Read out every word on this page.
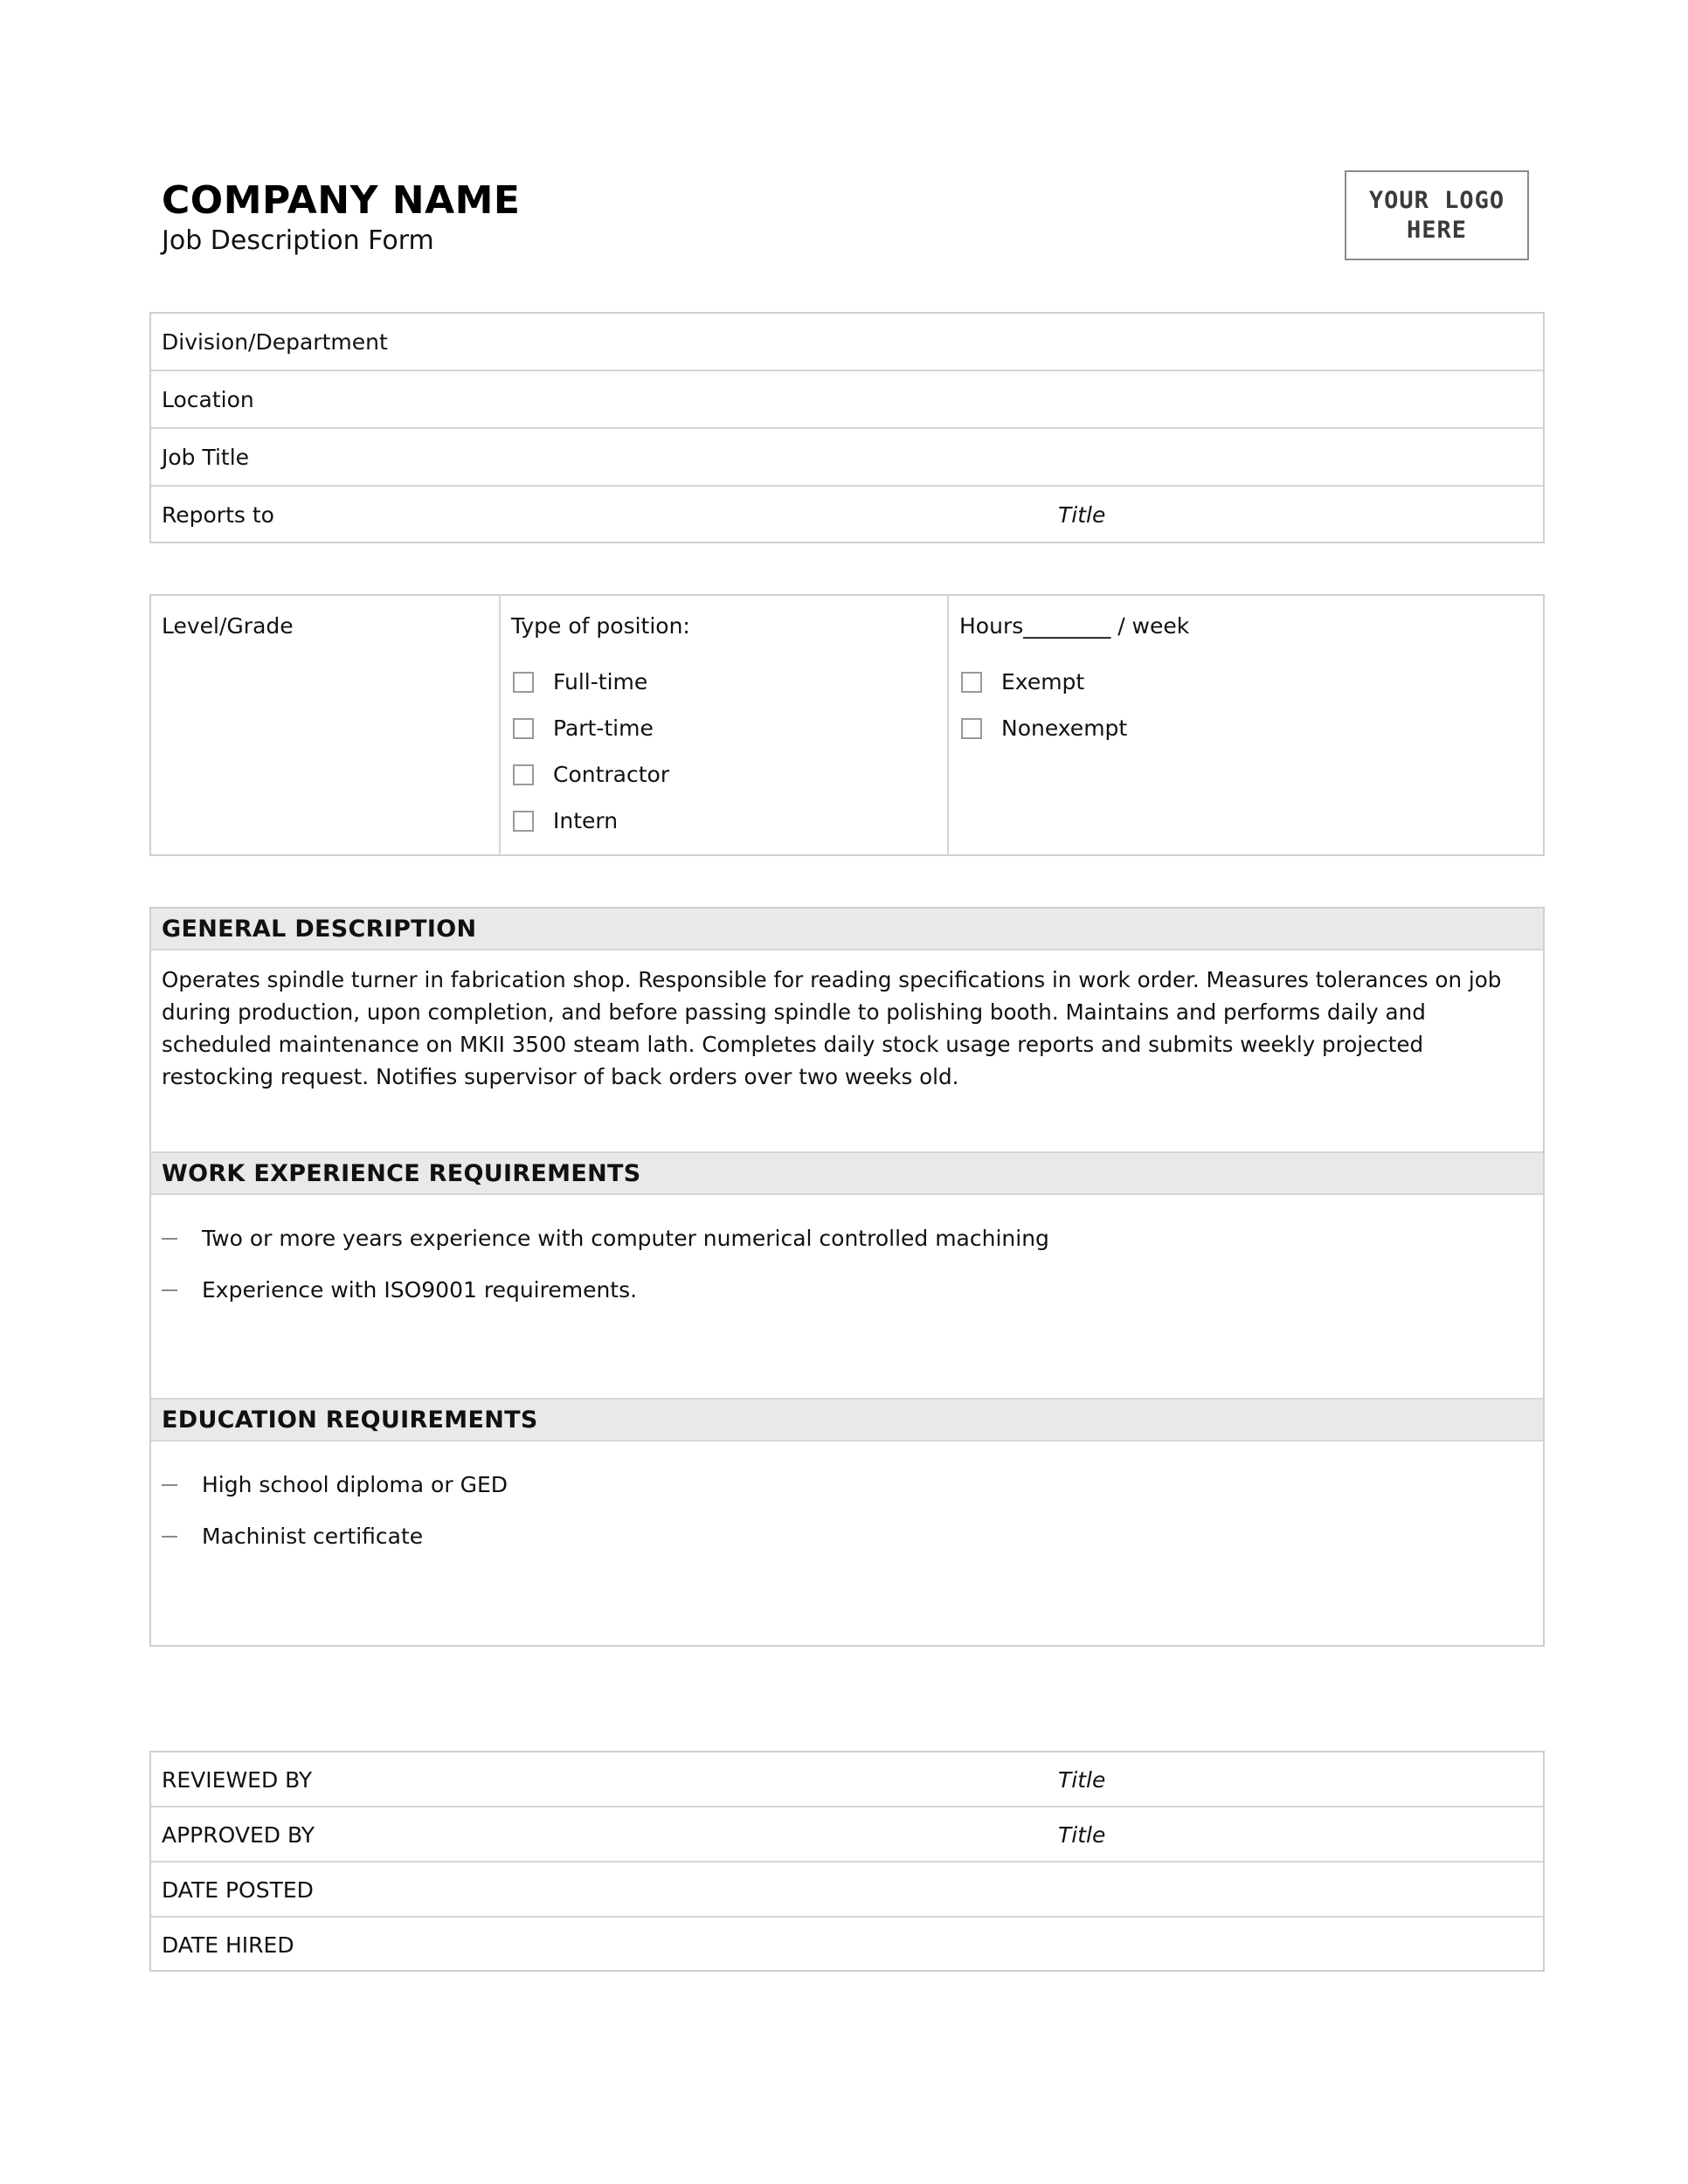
COMPANY NAME
Job Description Form
YOUR LOGO
HERE
Division/Department
Location
Job Title
Reports to	Title
Level/Grade	Type of position:
Full-time
Part-time
Contractor
Intern
Hours________ / week
Exempt
Nonexempt
GENERAL DESCRIPTION
Operates spindle turner in fabrication shop. Responsible for reading specifications in work order. Measures tolerances on job during production, upon completion, and before passing spindle to polishing booth. Maintains and performs daily and scheduled maintenance on MKII 3500 steam lath. Completes daily stock usage reports and submits weekly projected restocking request. Notifies supervisor of back orders over two weeks old.
WORK EXPERIENCE REQUIREMENTS
Two or more years experience with computer numerical controlled machining
Experience with ISO9001 requirements.
EDUCATION REQUIREMENTS
High school diploma or GED
Machinist certificate
REVIEWED BY	Title
APPROVED BY	Title
DATE POSTED
DATE HIRED
